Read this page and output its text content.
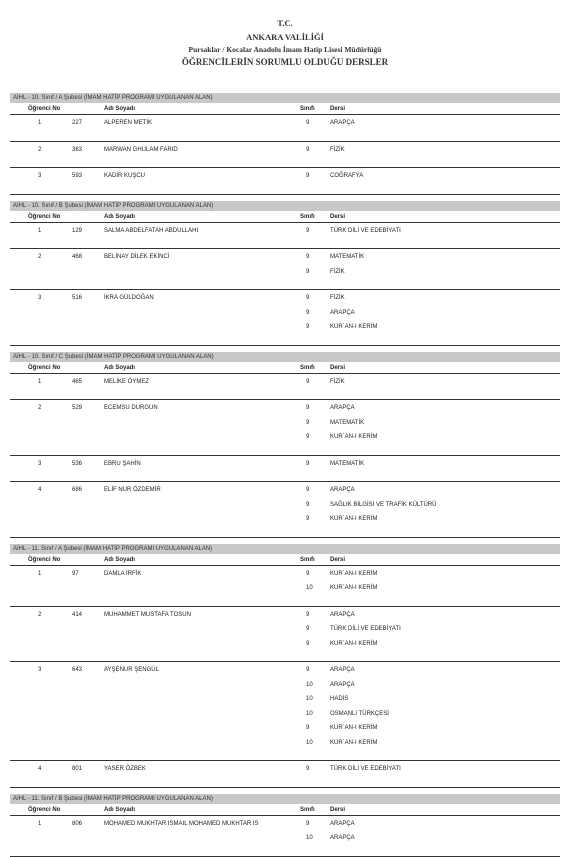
T.C.
ANKARA VALİLİĞİ
Pursaklar / Kocalar Anadolu İmam Hatip Lisesi Müdürlüğü
ÖĞRENCİLERİN SORUMLU OLDUĞU DERSLER
AİHL - 10. Sınıf / A Şubesi (İMAM HATİP PROGRAMI UYGULANAN ALAN)
Öğrenci No	Adı Soyadı	Sınıfı	Dersi
1	227	ALPEREN METİK	9	ARAPÇA
2	363	MARWAN GHULAM FARID	9	FİZİK
3	593	KADİR KUŞCU	9	COĞRAFYA
AİHL - 10. Sınıf / B Şubesi (İMAM HATİP PROGRAMI UYGULANAN ALAN)
Öğrenci No	Adı Soyadı	Sınıfı	Dersi
1	129	SALMA ABDELFATAH ABDULLAHI	9	TÜRK DİLİ VE EDEBİYATI
2	468	BELİNAY DİLEK EKİNCİ	9	MATEMATİK
9	FİZİK
3	516	İKRA GÜLDOĞAN	9	FİZİK
9	ARAPÇA
9	KUR`AN-I KERİM
AİHL - 10. Sınıf / C Şubesi (İMAM HATİP PROGRAMI UYGULANAN ALAN)
Öğrenci No	Adı Soyadı	Sınıfı	Dersi
1	465	MELİKE ÖYMEZ	9	FİZİK
2	529	ECEMSU DURGUN	9	ARAPÇA
9	MATEMATİK
9	KUR`AN-I KERİM
3	536	EBRU ŞAHİN	9	MATEMATİK
4	686	ELİF NUR ÖZDEMİR	9	ARAPÇA
9	SAĞLIK BİLGİSİ VE TRAFİK KÜLTÜRÜ
9	KUR`AN-I KERİM
AİHL - 11. Sınıf / A Şubesi (İMAM HATİP PROGRAMI UYGULANAN ALAN)
Öğrenci No	Adı Soyadı	Sınıfı	Dersi
1	97	DAMLA İRFİK	9	KUR`AN-I KERİM
10	KUR`AN-I KERİM
2	414	MUHAMMET MUSTAFA TOSUN	9	ARAPÇA
9	TÜRK DİLİ VE EDEBİYATI
9	KUR`AN-I KERİM
3	643	AYŞENUR ŞENGÜL	9	ARAPÇA
10	ARAPÇA
10	HADİS
10	OSMANLI TÜRKÇESİ
9	KUR`AN-I KERİM
10	KUR`AN-I KERİM
4	801	YASER ÖZBEK	9	TÜRK DİLİ VE EDEBİYATI
AİHL - 11. Sınıf / B Şubesi (İMAM HATİP PROGRAMI UYGULANAN ALAN)
Öğrenci No	Adı Soyadı	Sınıfı	Dersi
1	806	MOHAMED MUKHTAR ISMAIL MOHAMED MUKHTAR IS	9	ARAPÇA
10	ARAPÇA
